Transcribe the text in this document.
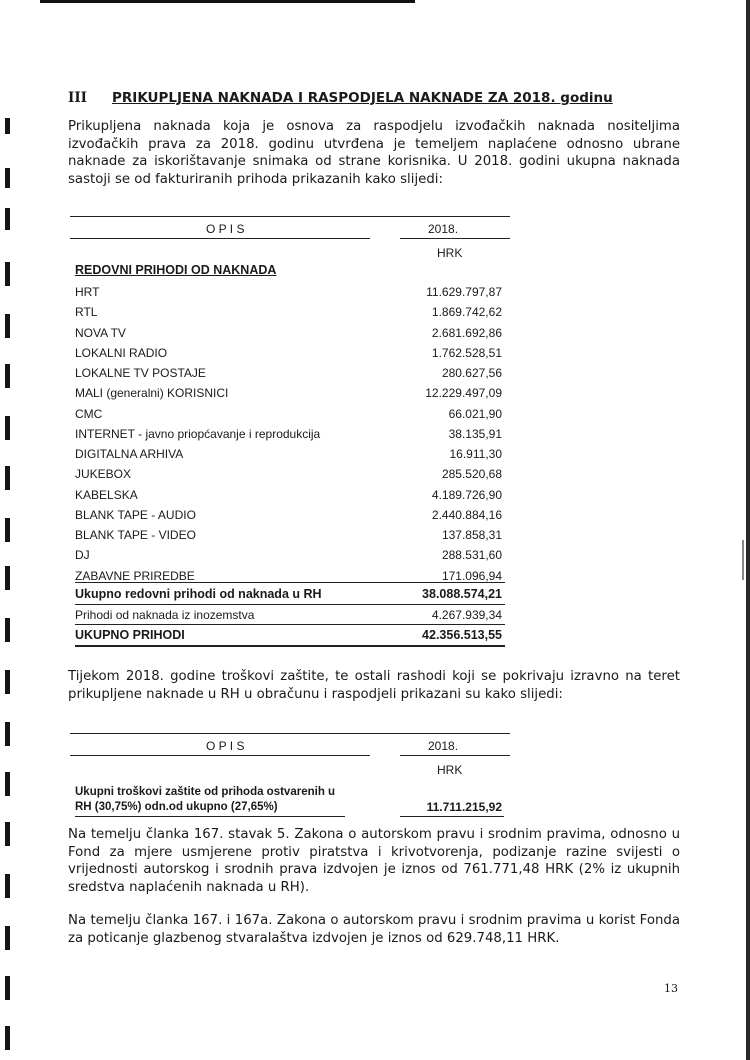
III PRIKUPLJENA NAKNADA I RASPODJELA NAKNADE ZA 2018. godinu
Prikupljena naknada koja je osnova za raspodjelu izvođačkih naknada nositeljima izvođačkih prava za 2018. godinu utvrđena je temeljem naplaćene odnosno ubrane naknade za iskorištavanje snimaka od strane korisnika. U 2018. godini ukupna naknada sastoji se od fakturiranih prihoda prikazanih kako slijedi:
O P I S	2018.
HRK
REDOVNI PRIHODI OD NAKNADA
HRT	11.629.797,87
RTL	1.869.742,62
NOVA TV	2.681.692,86
LOKALNI RADIO	1.762.528,51
LOKALNE TV POSTAJE	280.627,56
MALI (generalni) KORISNICI	12.229.497,09
CMC	66.021,90
INTERNET - javno priopćavanje i reprodukcija	38.135,91
DIGITALNA ARHIVA	16.911,30
JUKEBOX	285.520,68
KABELSKA	4.189.726,90
BLANK TAPE - AUDIO	2.440.884,16
BLANK TAPE - VIDEO	137.858,31
DJ	288.531,60
ZABAVNE PRIREDBE	171.096,94
Ukupno redovni prihodi od naknada u RH	38.088.574,21
Prihodi od naknada iz inozemstva	4.267.939,34
UKUPNO PRIHODI	42.356.513,55
Tijekom 2018. godine troškovi zaštite, te ostali rashodi koji se pokrivaju izravno na teret prikupljene naknade u RH u obračunu i raspodjeli prikazani su kako slijedi:
O P I S	2018.
HRK
Ukupni troškovi zaštite od prihoda ostvarenih u
RH (30,75%) odn.od ukupno (27,65%)	11.711.215,92
Na temelju članka 167. stavak 5. Zakona o autorskom pravu i srodnim pravima, odnosno u Fond za mjere usmjerene protiv piratstva i krivotvorenja, podizanje razine svijesti o vrijednosti autorskog i srodnih prava izdvojen je iznos od 761.771,48 HRK (2% iz ukupnih sredstva naplaćenih naknada u RH).
Na temelju članka 167. i 167a. Zakona o autorskom pravu i srodnim pravima u korist Fonda za poticanje glazbenog stvaralaštva izdvojen je iznos od 629.748,11 HRK.
13
